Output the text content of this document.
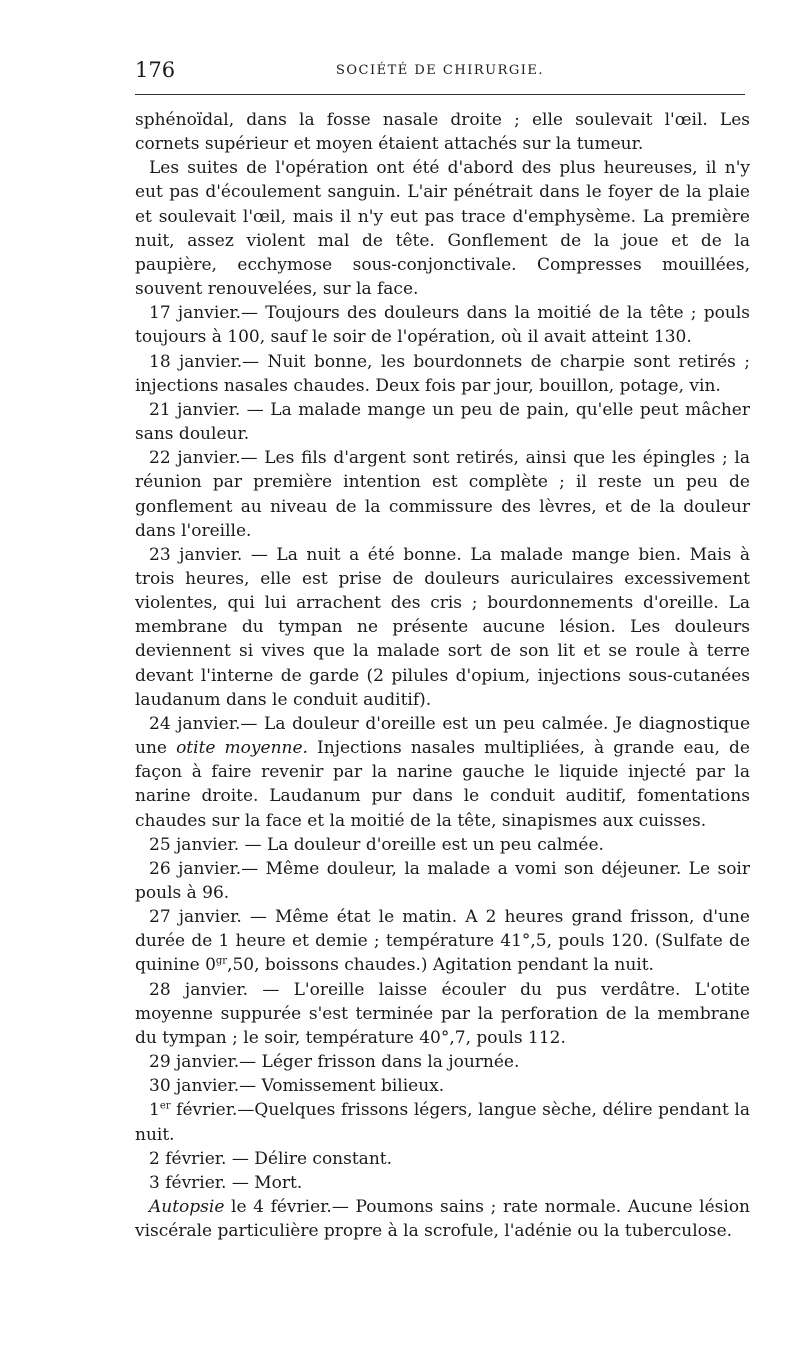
176	SOCIÉTÉ DE CHIRURGIE.

sphénoïdal, dans la fosse nasale droite ; elle soulevait l'œil. Les cornets supérieur et moyen étaient attachés sur la tumeur.

Les suites de l'opération ont été d'abord des plus heureuses, il n'y eut pas d'écoulement sanguin. L'air pénétrait dans le foyer de la plaie et soulevait l'œil, mais il n'y eut pas trace d'emphysème. La première nuit, assez violent mal de tête. Gonflement de la joue et de la paupière, ecchymose sous-conjonctivale. Compresses mouillées, souvent renouvelées, sur la face.

17 janvier.— Toujours des douleurs dans la moitié de la tête ; pouls toujours à 100, sauf le soir de l'opération, où il avait atteint 130.

18 janvier.— Nuit bonne, les bourdonnets de charpie sont retirés ; injections nasales chaudes. Deux fois par jour, bouillon, potage, vin.

21 janvier. — La malade mange un peu de pain, qu'elle peut mâcher sans douleur.

22 janvier.— Les fils d'argent sont retirés, ainsi que les épingles ; la réunion par première intention est complète ; il reste un peu de gonflement au niveau de la commissure des lèvres, et de la douleur dans l'oreille.

23 janvier. — La nuit a été bonne. La malade mange bien. Mais à trois heures, elle est prise de douleurs auriculaires excessivement violentes, qui lui arrachent des cris ; bourdonnements d'oreille. La membrane du tympan ne présente aucune lésion. Les douleurs deviennent si vives que la malade sort de son lit et se roule à terre devant l'interne de garde (2 pilules d'opium, injections sous-cutanées laudanum dans le conduit auditif).

24 janvier.— La douleur d'oreille est un peu calmée. Je diagnostique une otite moyenne. Injections nasales multipliées, à grande eau, de façon à faire revenir par la narine gauche le liquide injecté par la narine droite. Laudanum pur dans le conduit auditif, fomentations chaudes sur la face et la moitié de la tête, sinapismes aux cuisses.

25 janvier. — La douleur d'oreille est un peu calmée.

26 janvier.— Même douleur, la malade a vomi son déjeuner. Le soir pouls à 96.

27 janvier. — Même état le matin. A 2 heures grand frisson, d'une durée de 1 heure et demie ; température 41°,5, pouls 120. (Sulfate de quinine $0^{gr},50$, boissons chaudes.) Agitation pendant la nuit.

28 janvier. — L'oreille laisse écouler du pus verdâtre. L'otite moyenne suppurée s'est terminée par la perforation de la membrane du tympan ; le soir, température 40°,7, pouls 112.

29 janvier.— Léger frisson dans la journée.

30 janvier.— Vomissement bilieux.

1er février.—Quelques frissons légers, langue sèche, délire pendant la nuit.

2 février. — Délire constant.

3 février. — Mort.

Autopsie le 4 février.— Poumons sains ; rate normale. Aucune lésion viscérale particulière propre à la scrofule, l'adénie ou la tuberculose.
